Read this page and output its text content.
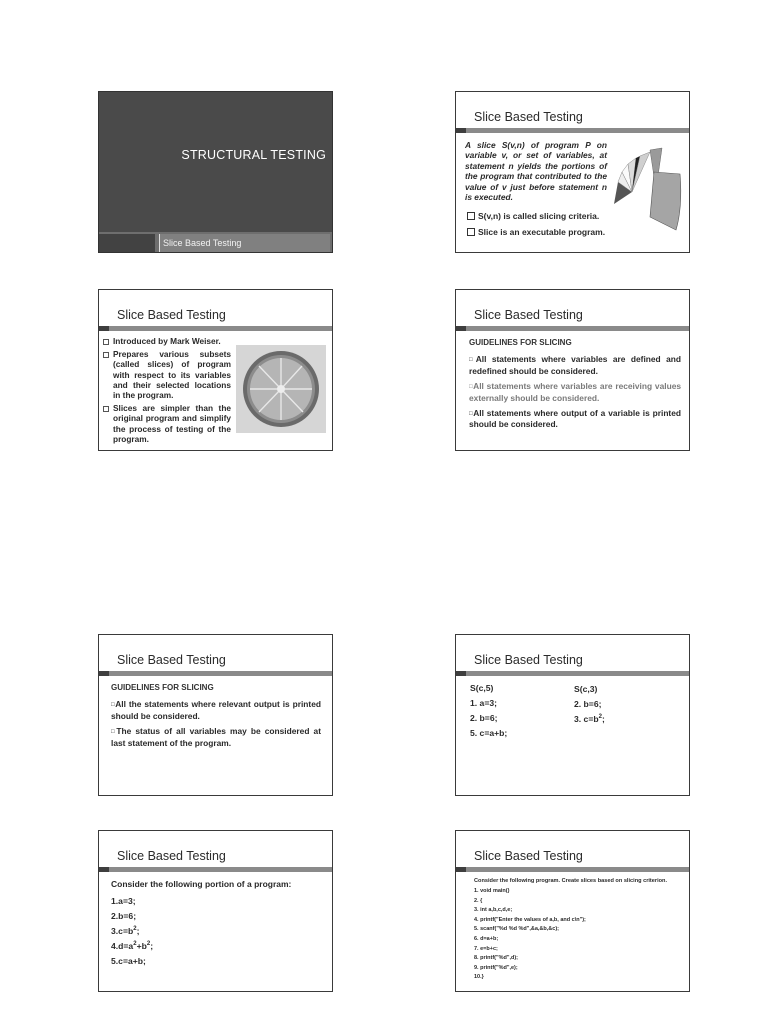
STRUCTURAL TESTING
Slice Based Testing
Slice Based Testing
A slice S(v,n) of program P on variable v, or set of variables, at statement n yields the portions of the program that contributed to the value of v just before statement n is executed.
S(v,n) is called slicing criteria.
Slice is an executable program.
Slice Based Testing
Introduced by Mark Weiser.
Prepares various subsets (called slices) of program with respect to its variables and their selected locations in the program.
Slices are simpler than the original program and simplify the process of testing of the program.
Slice Based Testing
GUIDELINES FOR SLICING
□All statements where variables are defined and redefined should be considered.
□All statements where variables are receiving values externally should be considered.
□All statements where output of a variable is printed should be considered.
Slice Based Testing
GUIDELINES FOR SLICING
□All the statements where relevant output is printed should be considered.
□The status of all variables may be considered at last statement of the program.
Slice Based Testing
S(c,5)
1. a=3;
2. b=6;
5. c=a+b;
S(c,3)
2. b=6;
3. $c=b^2$;
Slice Based Testing
Consider the following portion of a program:
1.a=3;
2.b=6;
$3.c=b^2$;
$4.d=a^2+b^2$;
5.c=a+b;
Slice Based Testing
Consider the following program. Create slices based on slicing criterion.
1. void main()
2. {
3. int a,b,c,d,e;
4. printf("Enter the values of a,b, and c\n");
5. scanf("%d %d %d",&a,&b,&c);
6. d=a+b;
7. e=b+c;
8. printf("%d",d);
9. printf("%d",e);
10.}
